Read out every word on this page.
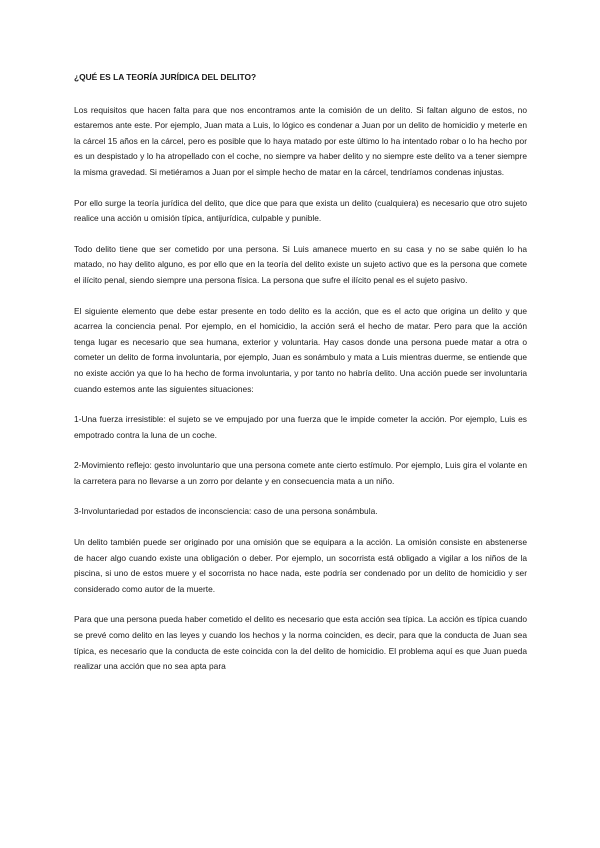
¿QUÉ ES LA TEORÍA JURÍDICA DEL DELITO?

Los requisitos que hacen falta para que nos encontramos ante la comisión de un delito. Si faltan alguno de estos, no estaremos ante este. Por ejemplo, Juan mata a Luis, lo lógico es condenar a Juan por un delito de homicidio y meterle en la cárcel 15 años en la cárcel, pero es posible que lo haya matado por este último lo ha intentado robar o lo ha hecho por es un despistado y lo ha atropellado con el coche, no siempre va haber delito y no siempre este delito va a tener siempre la misma gravedad. Si metiéramos a Juan por el simple hecho de matar en la cárcel, tendríamos condenas injustas.

Por ello surge la teoría jurídica del delito, que dice que para que exista un delito (cualquiera) es necesario que otro sujeto realice una acción u omisión típica, antijurídica, culpable y punible.

Todo delito tiene que ser cometido por una persona. Si Luis amanece muerto en su casa y no se sabe quién lo ha matado, no hay delito alguno, es por ello que en la teoría del delito existe un sujeto activo que es la persona que comete el ilícito penal, siendo siempre una persona física. La persona que sufre el ilícito penal es el sujeto pasivo.

El siguiente elemento que debe estar presente en todo delito es la acción, que es el acto que origina un delito y que acarrea la conciencia penal. Por ejemplo, en el homicidio, la acción será el hecho de matar. Pero para que la acción tenga lugar es necesario que sea humana, exterior y voluntaria. Hay casos donde una persona puede matar a otra o cometer un delito de forma involuntaria, por ejemplo, Juan es sonámbulo y mata a Luis mientras duerme, se entiende que no existe acción ya que lo ha hecho de forma involuntaria, y por tanto no habría delito. Una acción puede ser involuntaria cuando estemos ante las siguientes situaciones:

1-Una fuerza irresistible: el sujeto se ve empujado por una fuerza que le impide cometer la acción. Por ejemplo, Luis es empotrado contra la luna de un coche.

2-Movimiento reflejo: gesto involuntario que una persona comete ante cierto estímulo. Por ejemplo, Luis gira el volante en la carretera para no llevarse a un zorro por delante y en consecuencia mata a un niño.

3-Involuntariedad por estados de inconsciencia: caso de una persona sonámbula.

Un delito también puede ser originado por una omisión que se equipara a la acción. La omisión consiste en abstenerse de hacer algo cuando existe una obligación o deber. Por ejemplo, un socorrista está obligado a vigilar a los niños de la piscina, si uno de estos muere y el socorrista no hace nada, este podría ser condenado por un delito de homicidio y ser considerado como autor de la muerte.

Para que una persona pueda haber cometido el delito es necesario que esta acción sea típica. La acción es típica cuando se prevé como delito en las leyes y cuando los hechos y la norma coinciden, es decir, para que la conducta de Juan sea típica, es necesario que la conducta de este coincida con la del delito de homicidio. El problema aquí es que Juan pueda realizar una acción que no sea apta para
